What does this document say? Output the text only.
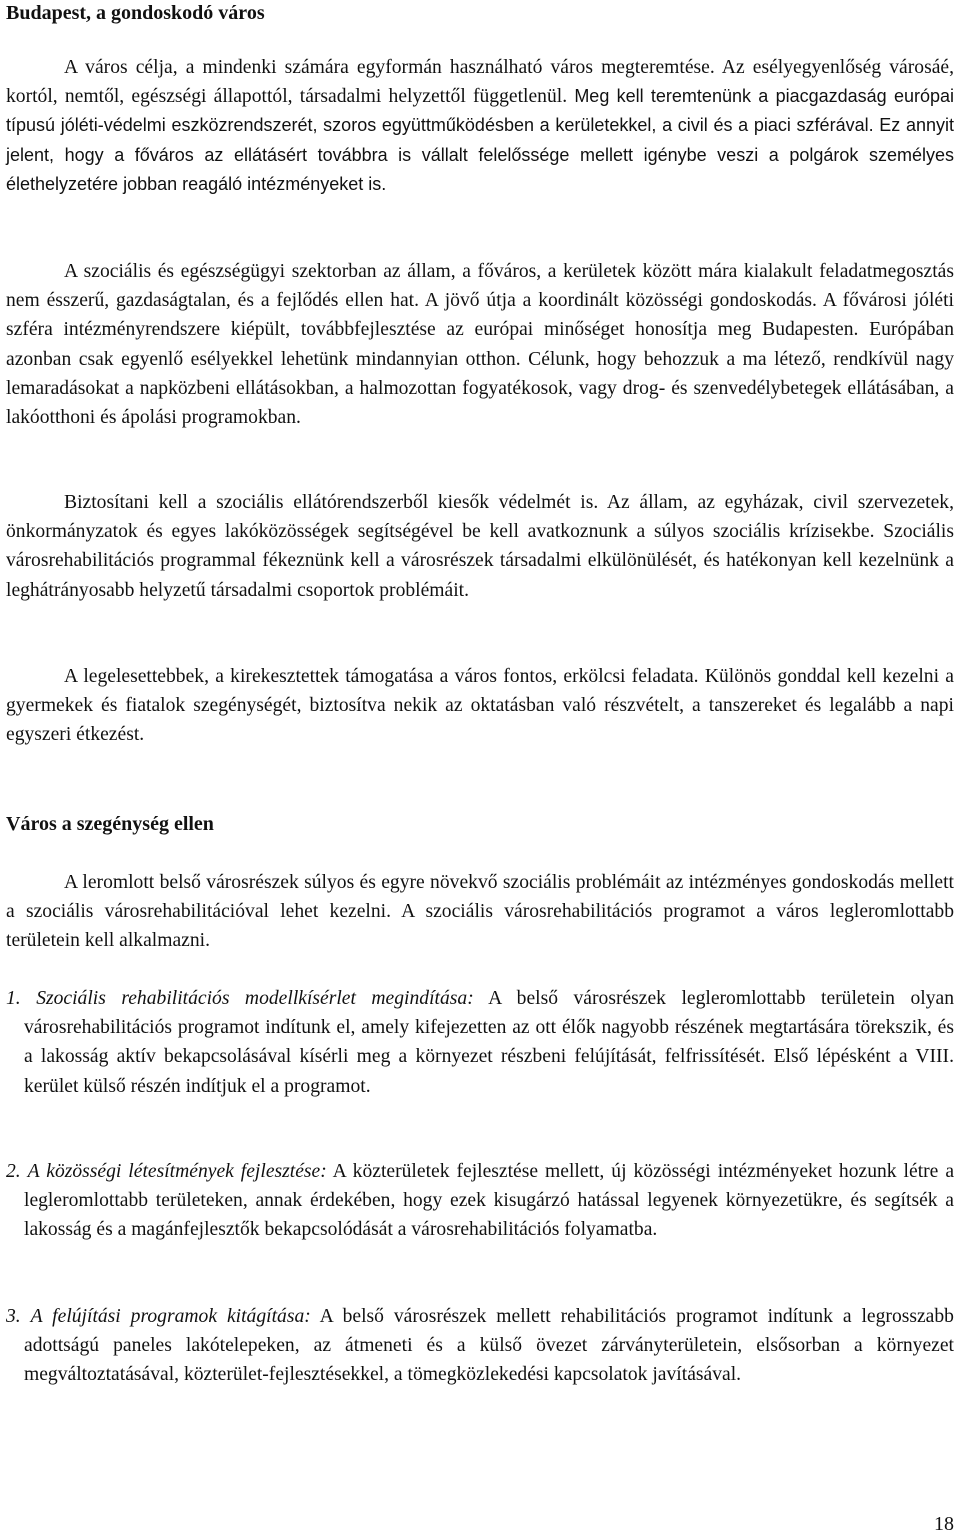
Budapest, a gondoskodó város

A város célja, a mindenki számára egyformán használható város megteremtése. Az esélyegyenlőség városáé, kortól, nemtől, egészségi állapottól, társadalmi helyzettől függetlenül. Meg kell teremtenünk a piacgazdaság európai típusú jóléti-védelmi eszközrendszerét, szoros együttműködésben a kerületekkel, a civil és a piaci szférával. Ez annyit jelent, hogy a főváros az ellátásért továbbra is vállalt felelőssége mellett igénybe veszi a polgárok személyes élethelyzetére jobban reagáló intézményeket is.

A szociális és egészségügyi szektorban az állam, a főváros, a kerületek között mára kialakult feladatmegosztás nem ésszerű, gazdaságtalan, és a fejlődés ellen hat. A jövő útja a koordinált közösségi gondoskodás. A fővárosi jóléti szféra intézményrendszere kiépült, továbbfejlesztése az európai minőséget honosítja meg Budapesten. Európában azonban csak egyenlő esélyekkel lehetünk mindannyian otthon. Célunk, hogy behozzuk a ma létező, rendkívül nagy lemaradásokat a napközbeni ellátásokban, a halmozottan fogyatékosok, vagy drog- és szenvedélybetegek ellátásában, a lakóotthoni és ápolási programokban.

Biztosítani kell a szociális ellátórendszerből kiesők védelmét is. Az állam, az egyházak, civil szervezetek, önkormányzatok és egyes lakóközösségek segítségével be kell avatkoznunk a súlyos szociális krízisekbe. Szociális városrehabilitációs programmal fékeznünk kell a városrészek társadalmi elkülönülését, és hatékonyan kell kezelnünk a leghátrányosabb helyzetű társadalmi csoportok problémáit.

A legelesettebbek, a kirekesztettek támogatása a város fontos, erkölcsi feladata. Különös gonddal kell kezelni a gyermekek és fiatalok szegénységét, biztosítva nekik az oktatásban való részvételt, a tanszereket és legalább a napi egyszeri étkezést.

Város a szegénység ellen

A leromlott belső városrészek súlyos és egyre növekvő szociális problémáit az intézményes gondoskodás mellett a szociális városrehabilitációval lehet kezelni. A szociális városrehabilitációs programot a város legleromlottabb területein kell alkalmazni.

1. Szociális rehabilitációs modellkísérlet megindítása: A belső városrészek legleromlottabb területein olyan városrehabilitációs programot indítunk el, amely kifejezetten az ott élők nagyobb részének megtartására törekszik, és a lakosság aktív bekapcsolásával kísérli meg a környezet részbeni felújítását, felfrissítését. Első lépésként a VIII. kerület külső részén indítjuk el a programot.

2. A közösségi létesítmények fejlesztése: A közterületek fejlesztése mellett, új közösségi intézményeket hozunk létre a legleromlottabb területeken, annak érdekében, hogy ezek kisugárzó hatással legyenek környezetükre, és segítsék a lakosság és a magánfejlesztők bekapcsolódását a városrehabilitációs folyamatba.

3. A felújítási programok kitágítása: A belső városrészek mellett rehabilitációs programot indítunk a legrosszabb adottságú paneles lakótelepeken, az átmeneti és a külső övezet zárványterületein, elsősorban a környezet megváltoztatásával, közterület-fejlesztésekkel, a tömegközlekedési kapcsolatok javításával.

18
